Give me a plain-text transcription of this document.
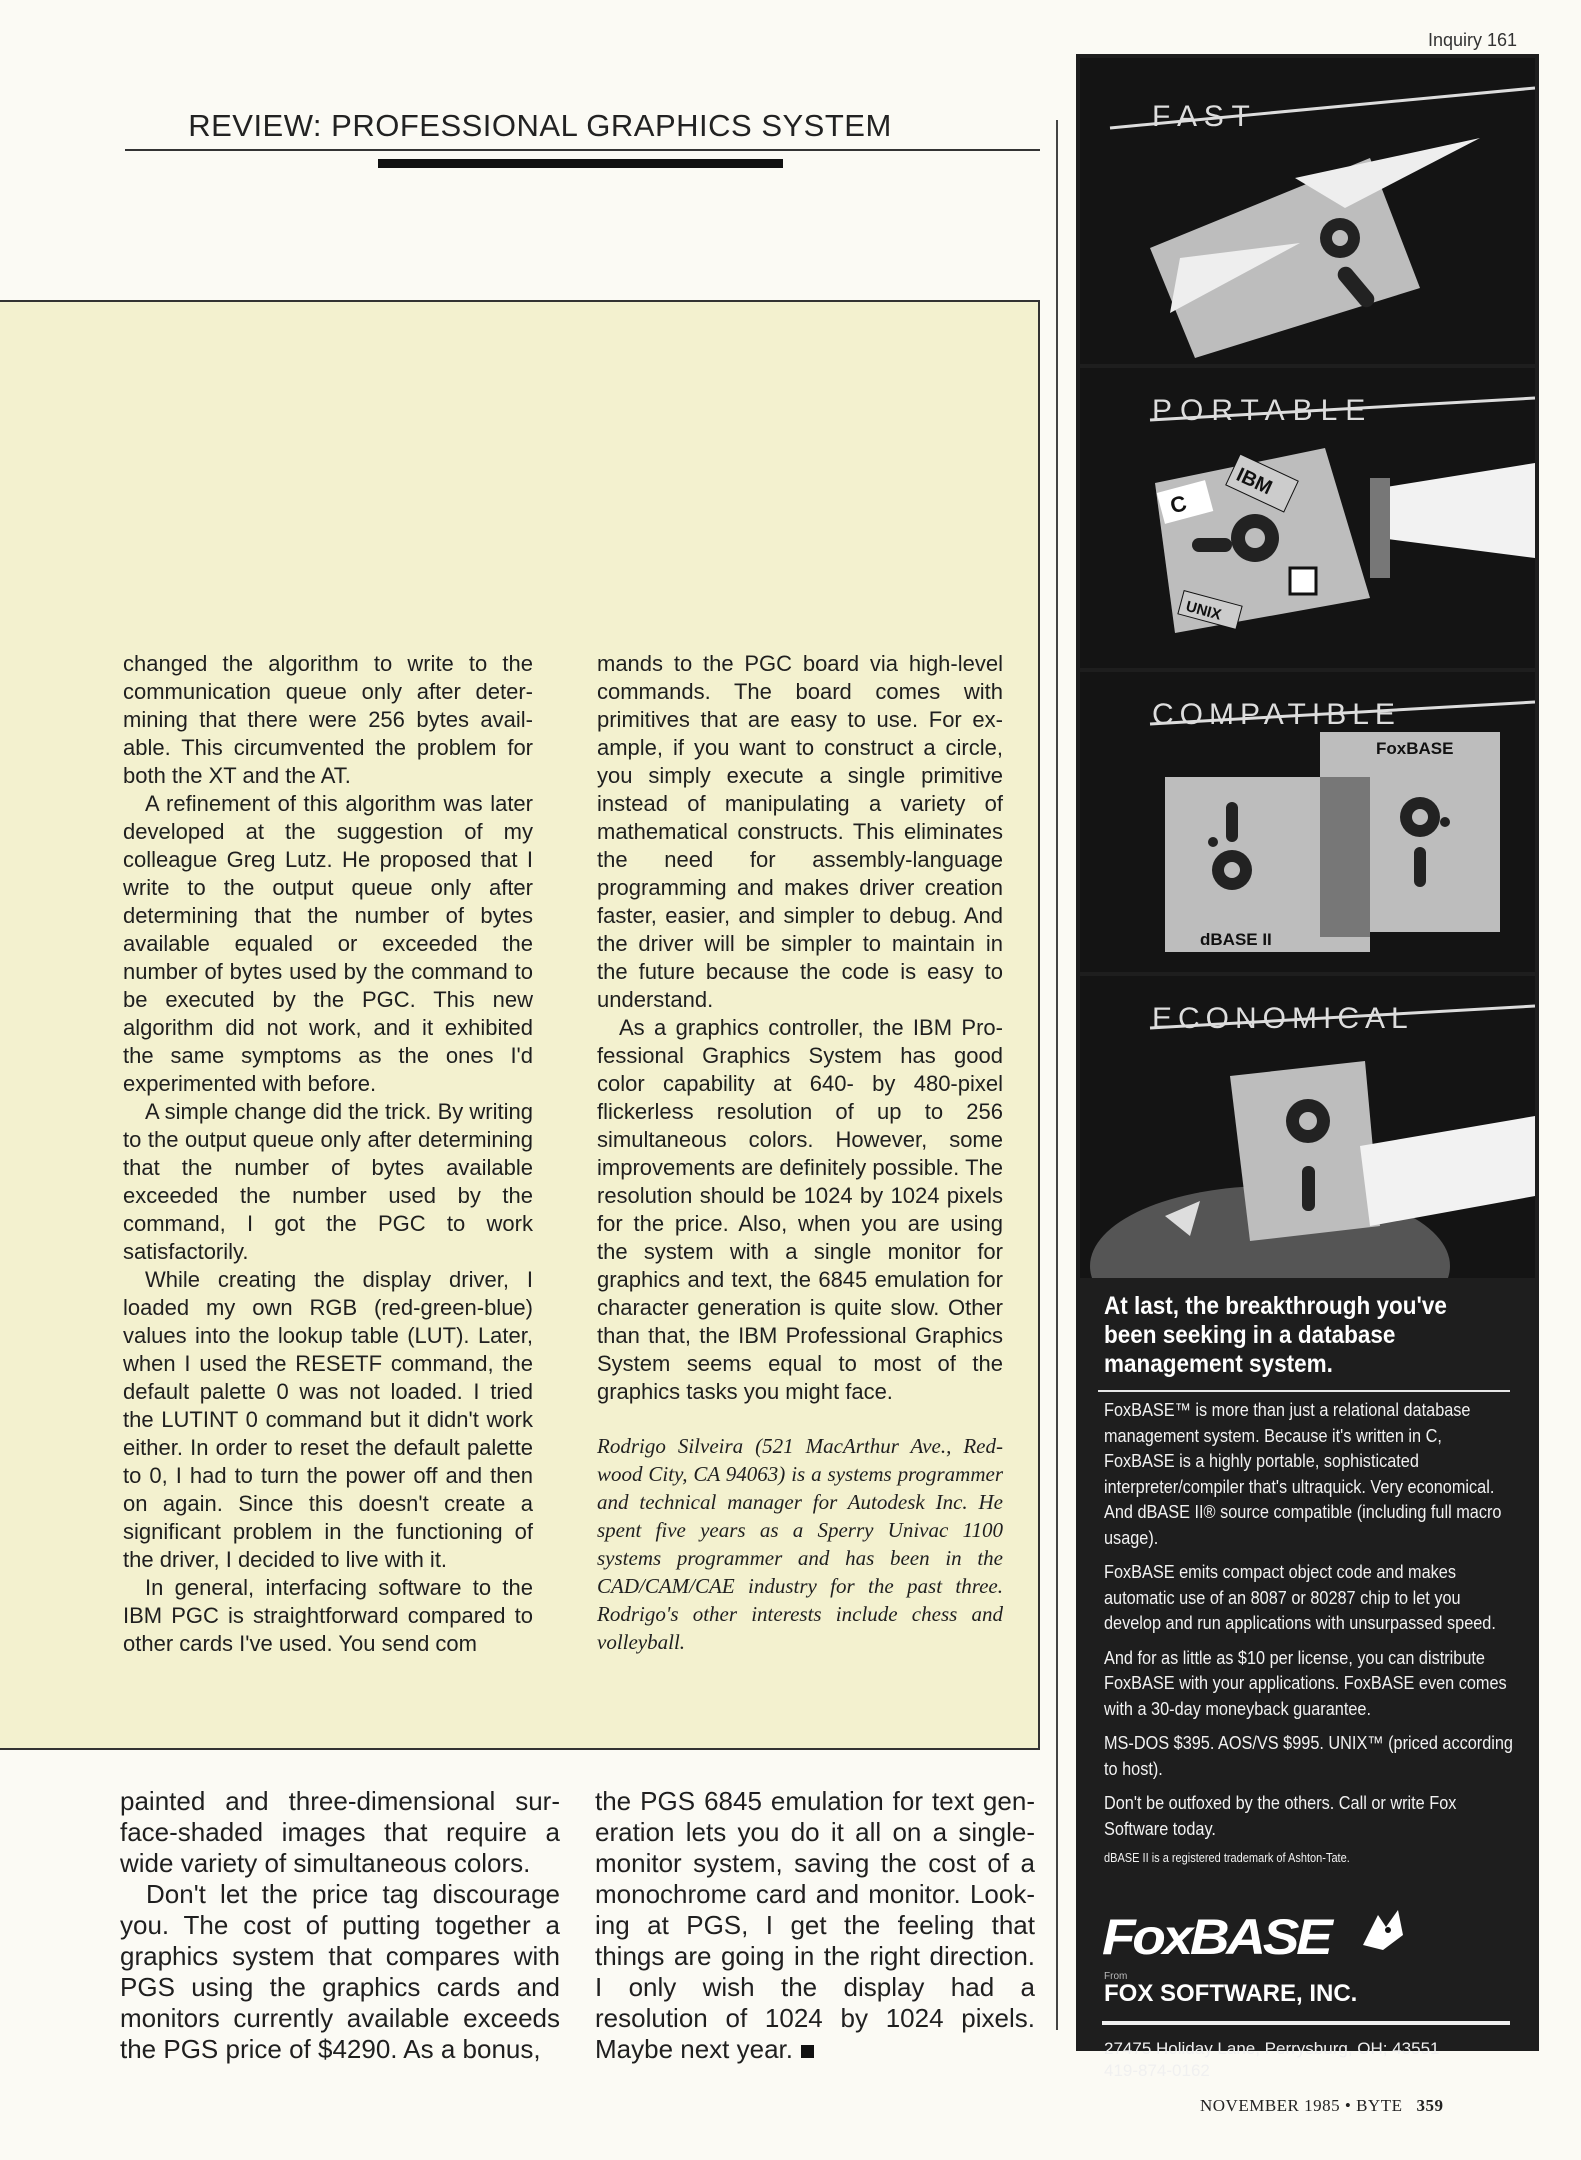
REVIEW: PROFESSIONAL GRAPHICS SYSTEM

changed the algorithm to write to the communication queue only after determining that there were 256 bytes available. This circumvented the problem for both the XT and the AT.

A refinement of this algorithm was later developed at the suggestion of my colleague Greg Lutz. He proposed that I write to the output queue only after determining that the number of bytes available equaled or exceeded the number of bytes used by the command to be executed by the PGC. This new algorithm did not work, and it exhibited the same symptoms as the ones I'd experimented with before.

A simple change did the trick. By writing to the output queue only after determining that the number of bytes available exceeded the number used by the command, I got the PGC to work satisfactorily.

While creating the display driver, I loaded my own RGB (red-green-blue) values into the lookup table (LUT). Later, when I used the RESETF command, the default palette 0 was not loaded. I tried the LUTINT 0 command but it didn't work either. In order to reset the default palette to 0, I had to turn the power off and then on again. Since this doesn't create a significant problem in the functioning of the driver, I decided to live with it.

In general, interfacing software to the IBM PGC is straightforward compared to other cards I've used. You send com

mands to the PGC board via high-level commands. The board comes with primitives that are easy to use. For example, if you want to construct a circle, you simply execute a single primitive instead of manipulating a variety of mathematical constructs. This eliminates the need for assembly-language programming and makes driver creation faster, easier, and simpler to debug. And the driver will be simpler to maintain in the future because the code is easy to understand.

As a graphics controller, the IBM Professional Graphics System has good color capability at 640- by 480-pixel flickerless resolution of up to 256 simultaneous colors. However, some improvements are definitely possible. The resolution should be 1024 by 1024 pixels for the price. Also, when you are using the system with a single monitor for graphics and text, the 6845 emulation for character generation is quite slow. Other than that, the IBM Professional Graphics System seems equal to most of the graphics tasks you might face.

Rodrigo Silveira (521 MacArthur Ave., Redwood City, CA 94063) is a systems programmer and technical manager for Autodesk Inc. He spent five years as a Sperry Univac 1100 systems programmer and has been in the CAD/CAM/CAE industry for the past three. Rodrigo's other interests include chess and volleyball.

painted and three-dimensional surface-shaded images that require a wide variety of simultaneous colors.

Don't let the price tag discourage you. The cost of putting together a graphics system that compares with PGS using the graphics cards and monitors currently available exceeds the PGS price of $4290. As a bonus,

the PGS 6845 emulation for text generation lets you do it all on a single-monitor system, saving the cost of a monochrome card and monitor. Looking at PGS, I get the feeling that things are going in the right direction. I only wish the display had a resolution of 1024 by 1024 pixels. Maybe next year.

Inquiry 161
F A S T
PORTABLE
C
IBM
UNIX
COMPATIBLE
FoxBASE
dBASE II
ECONOMICAL
At last, the breakthrough you've been seeking in a database management system.

FoxBASE™ is more than just a relational database management system. Because it's written in C, FoxBASE is a highly portable, sophisticated interpreter/compiler that's ultraquick. Very economical. And dBASE II® source compatible (including full macro usage).

FoxBASE emits compact object code and makes automatic use of an 8087 or 80287 chip to let you develop and run applications with unsurpassed speed.

And for as little as $10 per license, you can distribute FoxBASE with your applications. FoxBASE even comes with a 30-day moneyback guarantee.

MS-DOS $395. AOS/VS $995. UNIX™ (priced according to host).

Don't be outfoxed by the others. Call or write Fox Software today.

dBASE II is a registered trademark of Ashton-Tate.

FoxBASE
From
FOX SOFTWARE, INC.
27475 Holiday Lane, Perrysburg, OH; 43551
419-874-0162
NOVEMBER 1985 • BYTE 359
